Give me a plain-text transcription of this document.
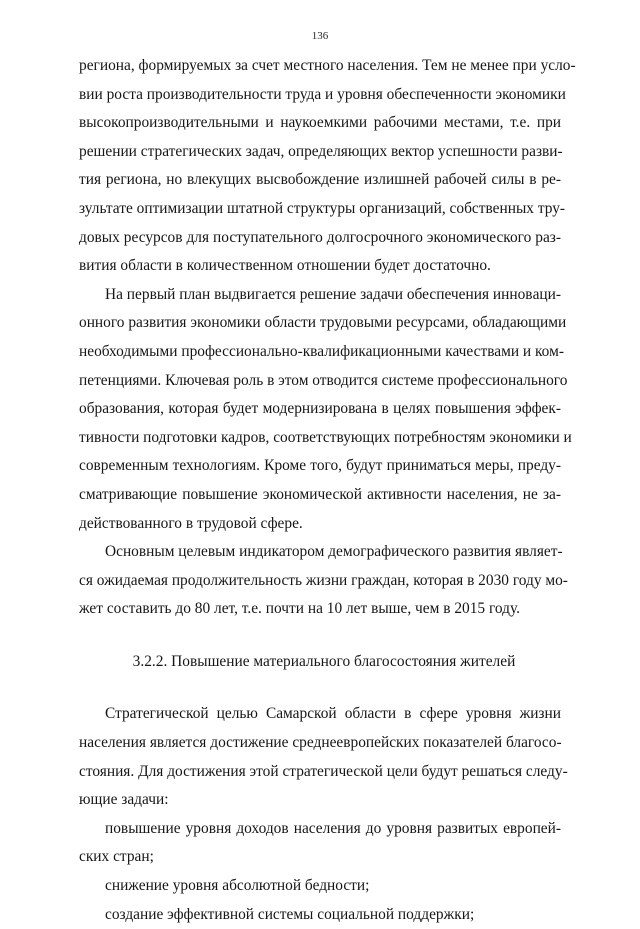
136
региона, формируемых за счет местного населения. Тем не менее при усло-
вии роста производительности труда и уровня обеспеченности экономики
высокопроизводительными и наукоемкими рабочими местами, т.е. при
решении стратегических задач, определяющих вектор успешности разви-
тия региона, но влекущих высвобождение излишней рабочей силы в ре-
зультате оптимизации штатной структуры организаций, собственных тру-
довых ресурсов для поступательного долгосрочного экономического раз-
вития области в количественном отношении будет достаточно.
На первый план выдвигается решение задачи обеспечения инновaци-
онного развития экономики области трудовыми ресурсами, обладающими
необходимыми профессионально-квалификационными качествами и ком-
петенциями. Ключевая роль в этом отводится системе профессионального
образования, которая будет модернизирована в целях повышения эффек-
тивности подготовки кадров, соответствующих потребностям экономики и
современным технологиям. Кроме того, будут приниматься меры, преду-
сматривающие повышение экономической активности населения, не за-
действованного в трудовой сфере.
Основным целевым индикатором демографического развития являет-
ся ожидаемая продолжительность жизни граждан, которая в 2030 году мо-
жет составить до 80 лет, т.е. почти на 10 лет выше, чем в 2015 году.
3.2.2. Повышение материального благосостояния жителей
Стратегической целью Самарской области в сфере уровня жизни
населения является достижение среднеевропейских показателей благосо-
стояния. Для достижения этой стратегической цели будут решаться следу-
ющие задачи:
повышение уровня доходов населения до уровня развитых европей-
ских стран;
снижение уровня абсолютной бедности;
создание эффективной системы социальной поддержки;
